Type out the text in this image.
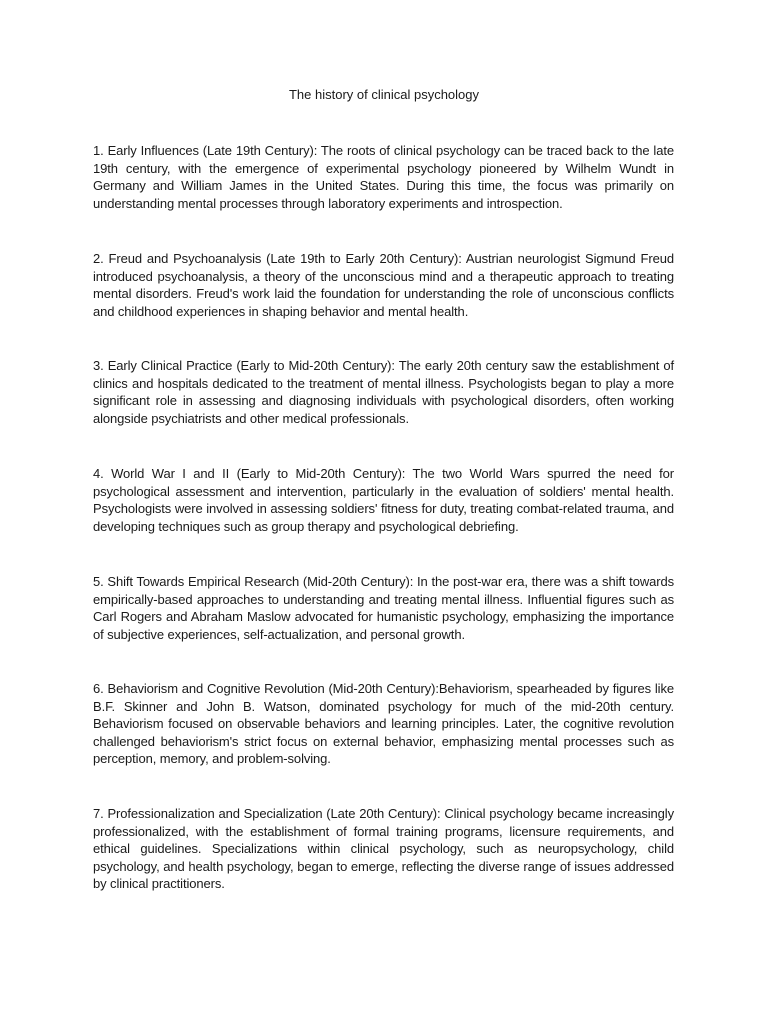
The history of clinical psychology

1. Early Influences (Late 19th Century): The roots of clinical psychology can be traced back to the late 19th century, with the emergence of experimental psychology pioneered by Wilhelm Wundt in Germany and William James in the United States. During this time, the focus was primarily on understanding mental processes through laboratory experiments and introspection.

2. Freud and Psychoanalysis (Late 19th to Early 20th Century): Austrian neurologist Sigmund Freud introduced psychoanalysis, a theory of the unconscious mind and a therapeutic approach to treating mental disorders. Freud's work laid the foundation for understanding the role of unconscious conflicts and childhood experiences in shaping behavior and mental health.

3. Early Clinical Practice (Early to Mid-20th Century): The early 20th century saw the establishment of clinics and hospitals dedicated to the treatment of mental illness. Psychologists began to play a more significant role in assessing and diagnosing individuals with psychological disorders, often working alongside psychiatrists and other medical professionals.

4. World War I and II (Early to Mid-20th Century): The two World Wars spurred the need for psychological assessment and intervention, particularly in the evaluation of soldiers' mental health. Psychologists were involved in assessing soldiers' fitness for duty, treating combat-related trauma, and developing techniques such as group therapy and psychological debriefing.

5. Shift Towards Empirical Research (Mid-20th Century): In the post-war era, there was a shift towards empirically-based approaches to understanding and treating mental illness. Influential figures such as Carl Rogers and Abraham Maslow advocated for humanistic psychology, emphasizing the importance of subjective experiences, self-actualization, and personal growth.

6. Behaviorism and Cognitive Revolution (Mid-20th Century):Behaviorism, spearheaded by figures like B.F. Skinner and John B. Watson, dominated psychology for much of the mid-20th century. Behaviorism focused on observable behaviors and learning principles. Later, the cognitive revolution challenged behaviorism's strict focus on external behavior, emphasizing mental processes such as perception, memory, and problem-solving.

7. Professionalization and Specialization (Late 20th Century): Clinical psychology became increasingly professionalized, with the establishment of formal training programs, licensure requirements, and ethical guidelines. Specializations within clinical psychology, such as neuropsychology, child psychology, and health psychology, began to emerge, reflecting the diverse range of issues addressed by clinical practitioners.
